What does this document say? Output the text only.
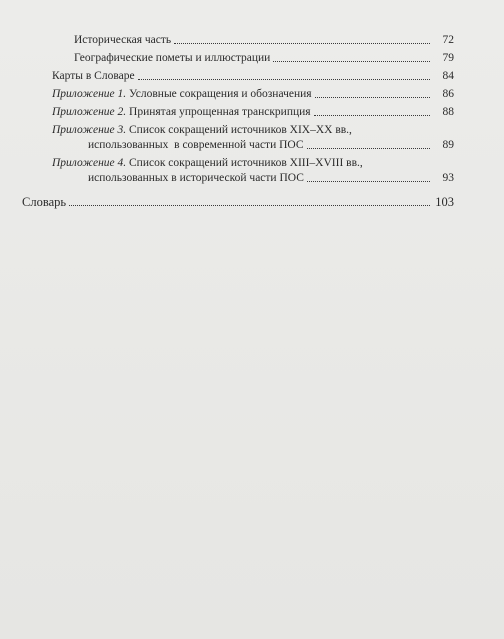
Историческая часть	72
Географические пометы и иллюстрации	79
Карты в Словаре	84
Приложение 1. Условные сокращения и обозначения	86
Приложение 2. Принятая упрощенная транскрипция	88
Приложение 3. Список сокращений источников XIX–XX вв.,
использованных  в современной части ПОС	89
Приложение 4. Список сокращений источников XIII–XVIII вв.,
использованных в исторической части ПОС	93
Словарь	103
